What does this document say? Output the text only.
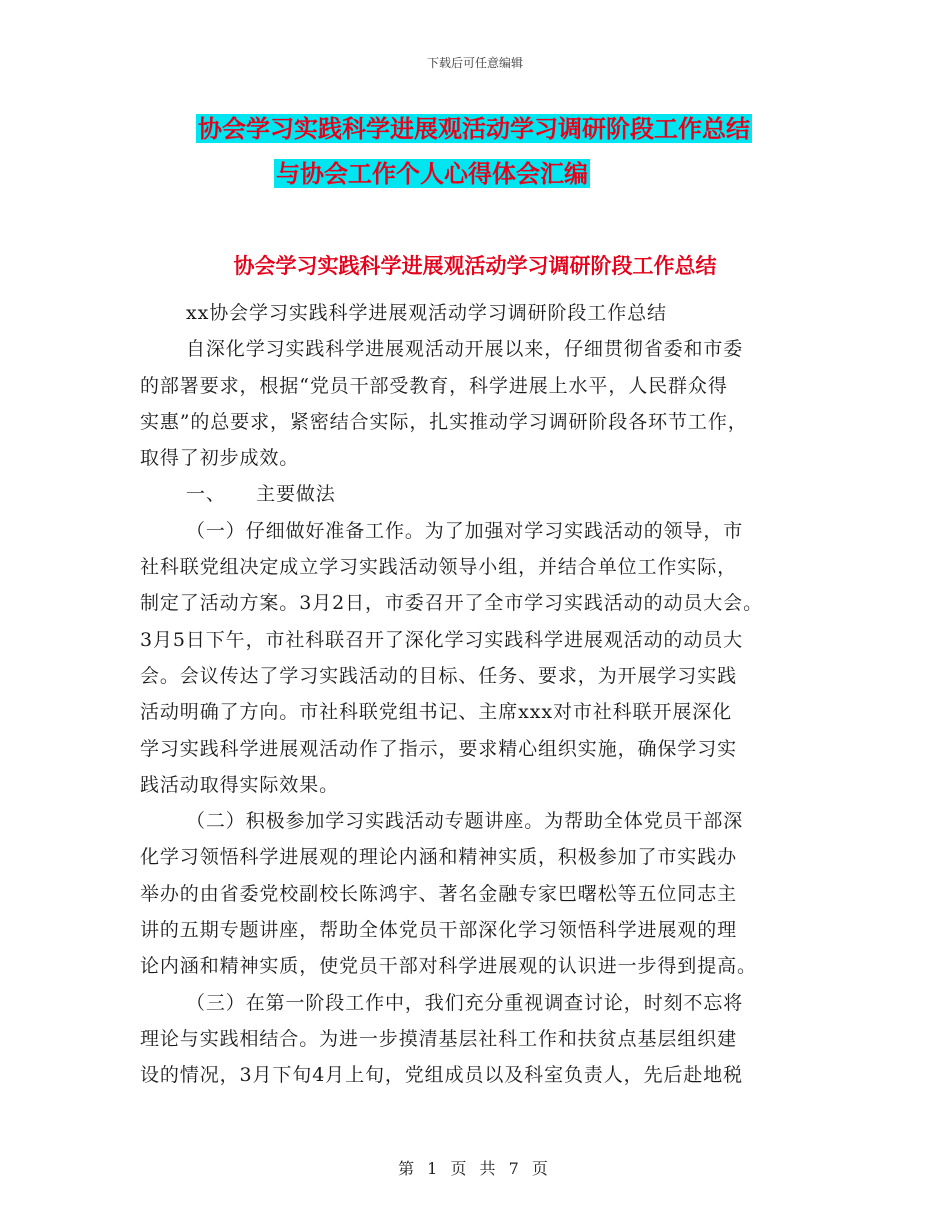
下载后可任意编辑
协会学习实践科学进展观活动学习调研阶段工作总结
与协会工作个人心得体会汇编
协会学习实践科学进展观活动学习调研阶段工作总结
xx协会学习实践科学进展观活动学习调研阶段工作总结
自深化学习实践科学进展观活动开展以来，仔细贯彻省委和市委
的部署要求，根据“党员干部受教育，科学进展上水平，人民群众得
实惠”的总要求，紧密结合实际，扎实推动学习调研阶段各环节工作，
取得了初步成效。
一、　　主要做法
（一）仔细做好准备工作。为了加强对学习实践活动的领导，市
社科联党组决定成立学习实践活动领导小组，并结合单位工作实际，
制定了活动方案。3月2日，市委召开了全市学习实践活动的动员大会。
3月5日下午，市社科联召开了深化学习实践科学进展观活动的动员大
会。会议传达了学习实践活动的目标、任务、要求，为开展学习实践
活动明确了方向。市社科联党组书记、主席xxx对市社科联开展深化
学习实践科学进展观活动作了指示，要求精心组织实施，确保学习实
践活动取得实际效果。
（二）积极参加学习实践活动专题讲座。为帮助全体党员干部深
化学习领悟科学进展观的理论内涵和精神实质，积极参加了市实践办
举办的由省委党校副校长陈鸿宇、著名金融专家巴曙松等五位同志主
讲的五期专题讲座，帮助全体党员干部深化学习领悟科学进展观的理
论内涵和精神实质，使党员干部对科学进展观的认识进一步得到提高。
（三）在第一阶段工作中，我们充分重视调查讨论，时刻不忘将
理论与实践相结合。为进一步摸清基层社科工作和扶贫点基层组织建
设的情况，3月下旬4月上旬，党组成员以及科室负责人，先后赴地税
第 1 页 共 7 页
